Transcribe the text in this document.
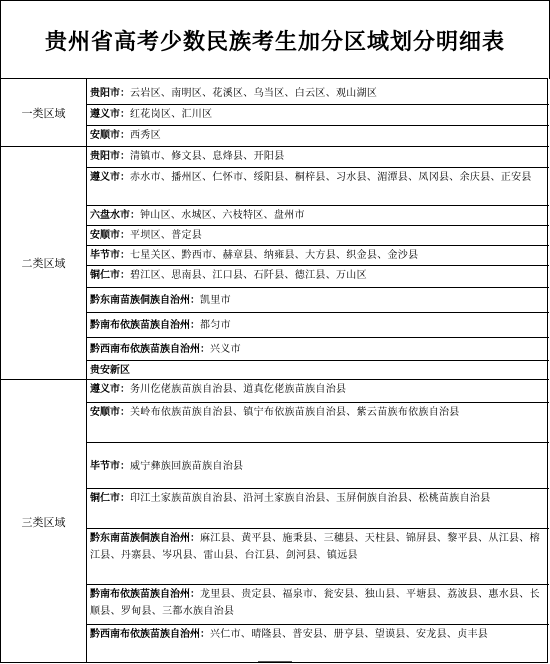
贵州省高考少数民族考生加分区域划分明细表
一类区域
贵阳市：云岩区、南明区、花溪区、乌当区、白云区、观山湖区
遵义市：红花岗区、汇川区
安顺市：西秀区
二类区域
贵阳市：清镇市、修文县、息烽县、开阳县
遵义市：赤水市、播州区、仁怀市、绥阳县、桐梓县、习水县、湄潭县、凤冈县、余庆县、正安县
六盘水市：钟山区、水城区、六枝特区、盘州市
安顺市：平坝区、普定县
毕节市：七星关区、黔西市、赫章县、纳雍县、大方县、织金县、金沙县
铜仁市：碧江区、思南县、江口县、石阡县、德江县、万山区
黔东南苗族侗族自治州： 凯里市
黔南布依族苗族自治州： 都匀市
黔西南布依族苗族自治州： 兴义市
贵安新区
三类区域
遵义市：务川仡佬族苗族自治县、道真仡佬族苗族自治县
安顺市：关岭布依族苗族自治县、镇宁布依族苗族自治县、紫云苗族布依族自治县
毕节市： 威宁彝族回族苗族自治县
铜仁市：印江土家族苗族自治县、沿河土家族自治县、玉屏侗族自治县、松桃苗族自治县
黔东南苗族侗族自治州：麻江县、黄平县、施秉县、三穗县、天柱县、锦屏县、黎平县、从江县、榕江县、丹寨县、岑巩县、雷山县、台江县、剑河县、镇远县
黔南布依族苗族自治州：龙里县、贵定县、福泉市、瓮安县、独山县、平塘县、荔波县、惠水县、长顺县、罗甸县、三都水族自治县
黔西南布依族苗族自治州：兴仁市、晴隆县、普安县、册亨县、望谟县、安龙县、贞丰县
